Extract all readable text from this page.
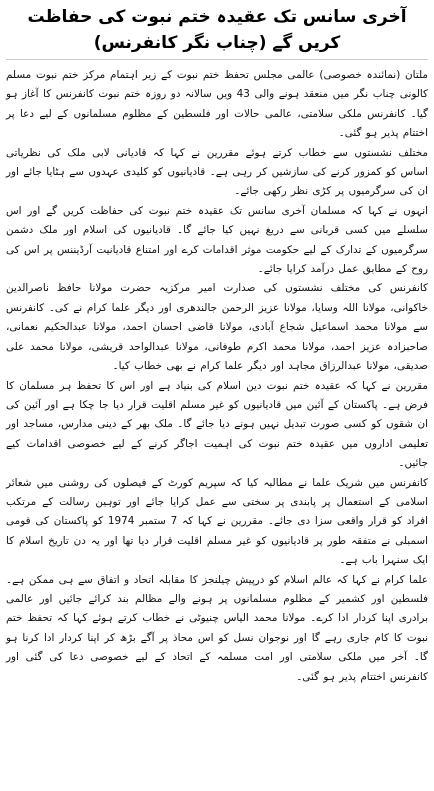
آخری سانس تک عقیدہ ختم نبوت کی حفاظت کریں گے (چناب نگر کانفرنس)

ملتان (نمائندہ خصوصی) عالمی مجلس تحفظ ختم نبوت کے زیر اہتمام مرکز ختم نبوت مسلم کالونی چناب نگر میں منعقد ہونے والی 43 ویں سالانہ دو روزہ ختم نبوت کانفرنس کا آغاز ہو گیا۔ کانفرنس ملکی سلامتی، عالمی حالات اور فلسطین کے مظلوم مسلمانوں کے لیے دعا پر اختتام پذیر ہو گئی۔

مختلف نشستوں سے خطاب کرتے ہوئے مقررین نے کہا کہ قادیانی لابی ملک کی نظریاتی اساس کو کمزور کرنے کی سازشیں کر رہی ہے۔ قادیانیوں کو کلیدی عہدوں سے ہٹایا جائے اور ان کی سرگرمیوں پر کڑی نظر رکھی جائے۔

انہوں نے کہا کہ مسلمان آخری سانس تک عقیدہ ختم نبوت کی حفاظت کریں گے اور اس سلسلے میں کسی قربانی سے دریغ نہیں کیا جائے گا۔ قادیانیوں کی اسلام اور ملک دشمن سرگرمیوں کے تدارک کے لیے حکومت موثر اقدامات کرے اور امتناع قادیانیت آرڈیننس پر اس کی روح کے مطابق عمل درآمد کرایا جائے۔

کانفرنس کی مختلف نشستوں کی صدارت امیر مرکزیہ حضرت مولانا حافظ ناصرالدین خاکوانی، مولانا اللہ وسایا، مولانا عزیز الرحمن جالندھری اور دیگر علما کرام نے کی۔ کانفرنس سے مولانا محمد اسماعیل شجاع آبادی، مولانا قاضی احسان احمد، مولانا عبدالحکیم نعمانی، صاحبزادہ عزیز احمد، مولانا محمد اکرم طوفانی، مولانا عبدالواحد قریشی، مولانا محمد علی صدیقی، مولانا عبدالرزاق مجاہد اور دیگر علما کرام نے بھی خطاب کیا۔

مقررین نے کہا کہ عقیدہ ختم نبوت دین اسلام کی بنیاد ہے اور اس کا تحفظ ہر مسلمان کا فرض ہے۔ پاکستان کے آئین میں قادیانیوں کو غیر مسلم اقلیت قرار دیا جا چکا ہے اور آئین کی ان شقوں کو کسی صورت تبدیل نہیں ہونے دیا جائے گا۔ ملک بھر کے دینی مدارس، مساجد اور تعلیمی اداروں میں عقیدہ ختم نبوت کی اہمیت اجاگر کرنے کے لیے خصوصی اقدامات کیے جائیں۔

کانفرنس میں شریک علما نے مطالبہ کیا کہ سپریم کورٹ کے فیصلوں کی روشنی میں شعائر اسلامی کے استعمال پر پابندی پر سختی سے عمل کرایا جائے اور توہین رسالت کے مرتکب افراد کو قرار واقعی سزا دی جائے۔ مقررین نے کہا کہ 7 ستمبر 1974 کو پاکستان کی قومی اسمبلی نے متفقہ طور پر قادیانیوں کو غیر مسلم اقلیت قرار دیا تھا اور یہ دن تاریخ اسلام کا ایک سنہرا باب ہے۔

علما کرام نے کہا کہ عالم اسلام کو درپیش چیلنجز کا مقابلہ اتحاد و اتفاق سے ہی ممکن ہے۔ فلسطین اور کشمیر کے مظلوم مسلمانوں پر ہونے والے مظالم بند کرائے جائیں اور عالمی برادری اپنا کردار ادا کرے۔ مولانا محمد الیاس چنیوٹی نے خطاب کرتے ہوئے کہا کہ تحفظ ختم نبوت کا کام جاری رہے گا اور نوجوان نسل کو اس محاذ پر آگے بڑھ کر اپنا کردار ادا کرنا ہو گا۔ آخر میں ملکی سلامتی اور امت مسلمہ کے اتحاد کے لیے خصوصی دعا کی گئی اور کانفرنس اختتام پذیر ہو گئی۔
